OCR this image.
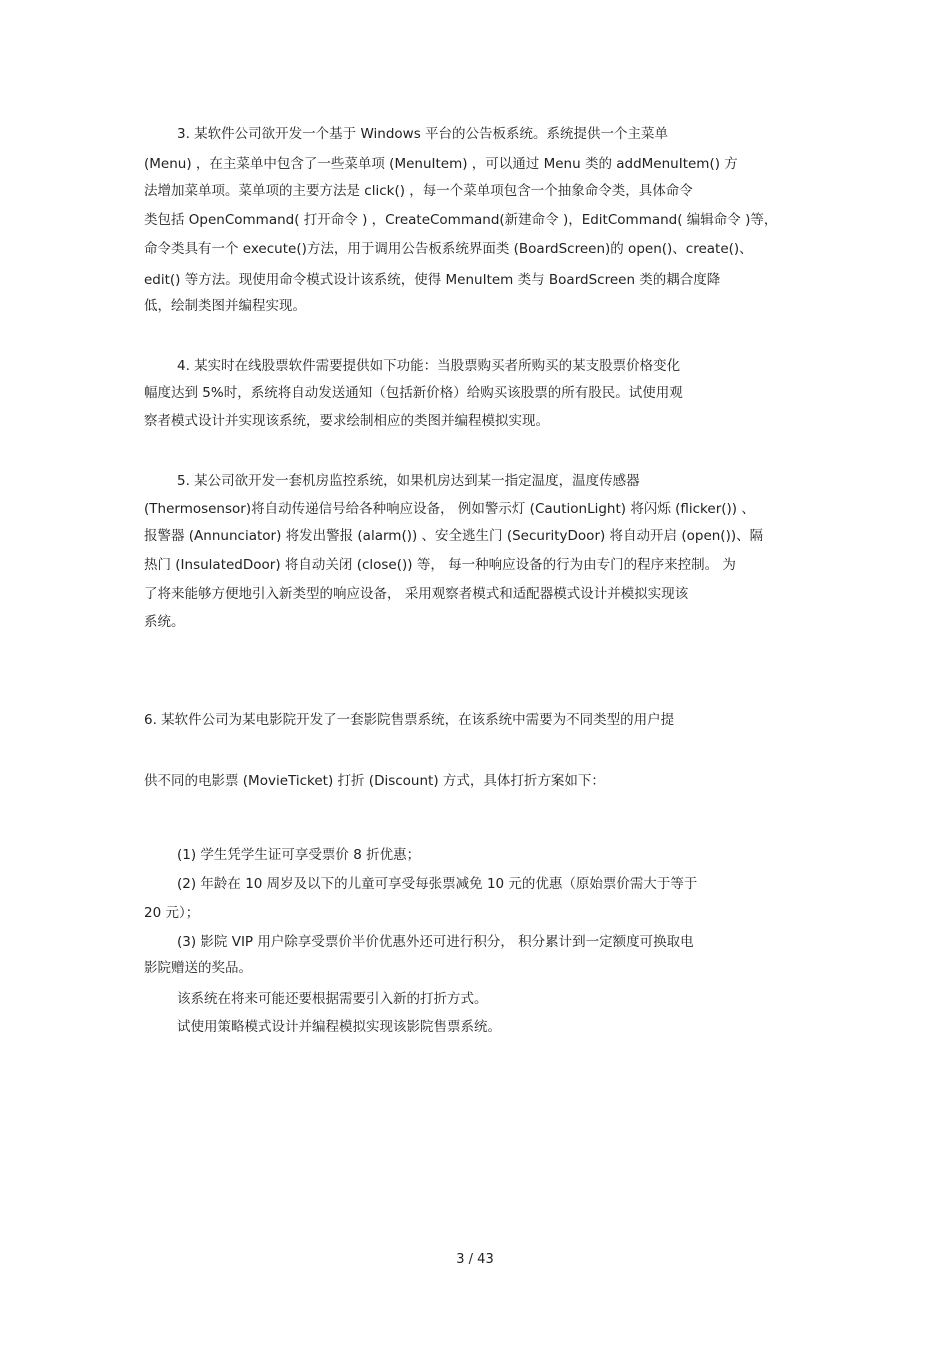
3. 某软件公司欲开发一个基于 Windows 平台的公告板系统。系统提供一个主菜单
(Menu) ，在主菜单中包含了一些菜单项 (MenuItem) ，可以通过 Menu 类的 addMenuItem() 方
法增加菜单项。菜单项的主要方法是 click() ，每一个菜单项包含一个抽象命令类，具体命令
类包括 OpenCommand( 打开命令 ) ，CreateCommand(新建命令 )，EditCommand( 编辑命令 )等，
命令类具有一个 execute()方法，用于调用公告板系统界面类 (BoardScreen)的 open()、create()、
edit() 等方法。现使用命令模式设计该系统，使得 MenuItem 类与 BoardScreen 类的耦合度降
低，绘制类图并编程实现。
4. 某实时在线股票软件需要提供如下功能：当股票购买者所购买的某支股票价格变化
幅度达到 5%时，系统将自动发送通知（包括新价格）给购买该股票的所有股民。试使用观
察者模式设计并实现该系统，要求绘制相应的类图并编程模拟实现。
5. 某公司欲开发一套机房监控系统，如果机房达到某一指定温度，温度传感器
(Thermosensor)将自动传递信号给各种响应设备， 例如警示灯 (CautionLight) 将闪烁 (flicker()) 、
报警器 (Annunciator) 将发出警报 (alarm()) 、安全逃生门 (SecurityDoor) 将自动开启 (open())、隔
热门 (InsulatedDoor) 将自动关闭 (close()) 等， 每一种响应设备的行为由专门的程序来控制。 为
了将来能够方便地引入新类型的响应设备， 采用观察者模式和适配器模式设计并模拟实现该
系统。
6. 某软件公司为某电影院开发了一套影院售票系统，在该系统中需要为不同类型的用户提
供不同的电影票 (MovieTicket) 打折 (Discount) 方式，具体打折方案如下：
(1) 学生凭学生证可享受票价 8 折优惠；
(2) 年龄在 10 周岁及以下的儿童可享受每张票减免 10 元的优惠（原始票价需大于等于
20 元）；
(3) 影院 VIP 用户除享受票价半价优惠外还可进行积分， 积分累计到一定额度可换取电
影院赠送的奖品。
该系统在将来可能还要根据需要引入新的打折方式。
试使用策略模式设计并编程模拟实现该影院售票系统。
3 / 43
